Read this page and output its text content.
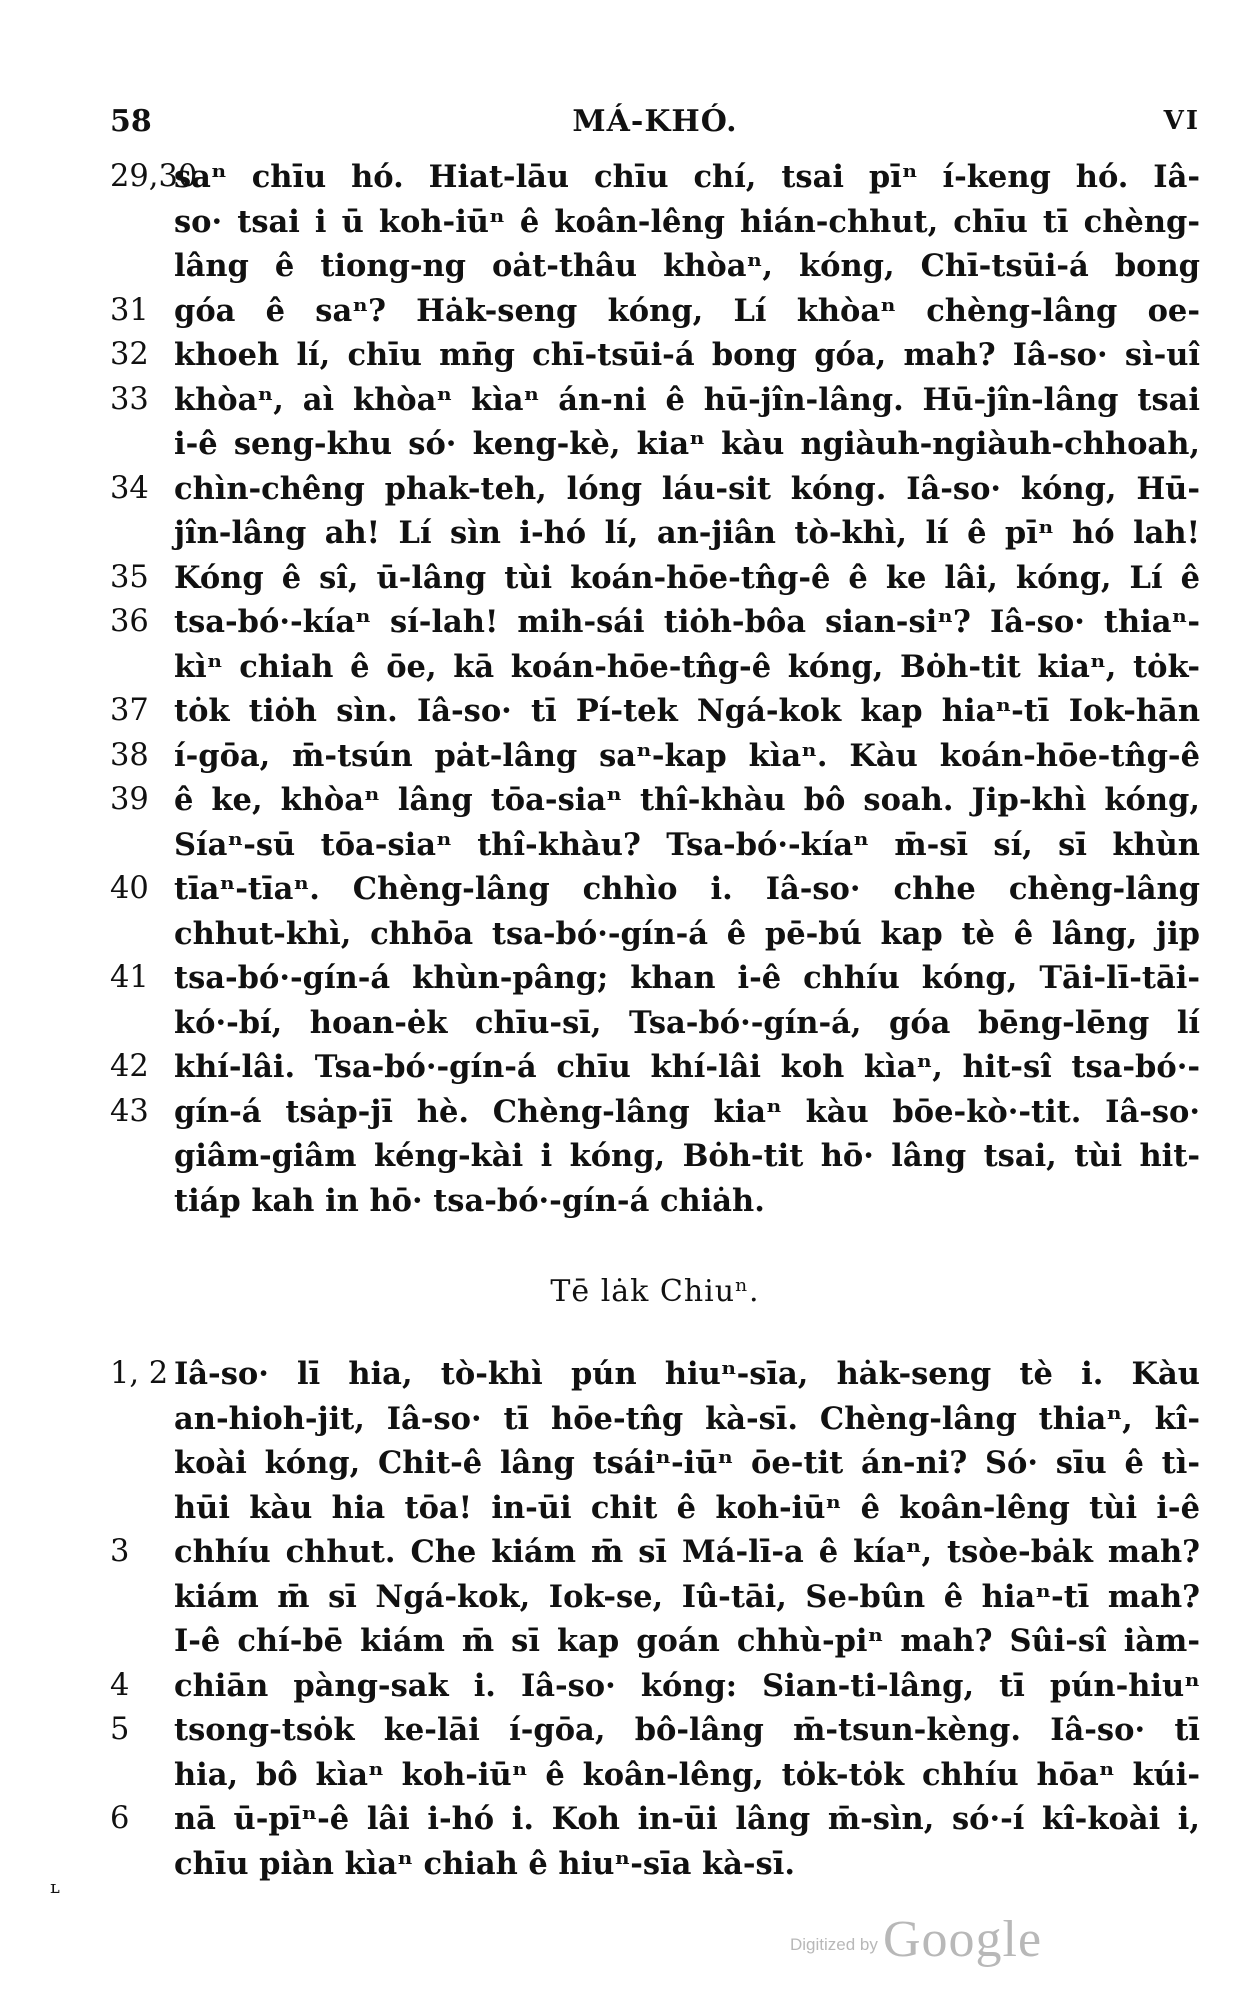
58	MÁ-KHÓ.	VI
29,30
saⁿ chīu hó. Hiat-lāu chīu chí, tsai pīⁿ í-keng hó. Iâ-
so· tsai i ū koh-iūⁿ ê koân-lêng hián-chhut, chīu tī chèng-
lâng ê tiong-ng oȧt-thâu khòaⁿ, kóng, Chī-tsūi-á bong
31 góa ê saⁿ? Hȧk-seng kóng, Lí khòaⁿ chèng-lâng oe-
32 khoeh lí, chīu mn̄g chī-tsūi-á bong góa, mah? Iâ-so· sì-uî
33 khòaⁿ, aì khòaⁿ kìaⁿ án-ni ê hū-jîn-lâng. Hū-jîn-lâng tsai
i-ê seng-khu só· keng-kè, kiaⁿ kàu ngiàuh-ngiàuh-chhoah,
34 chìn-chêng phak-teh, lóng láu-sit kóng. Iâ-so· kóng, Hū-
jîn-lâng ah! Lí sìn i-hó lí, an-jiân tò-khì, lí ê pīⁿ hó lah!
35 Kóng ê sî, ū-lâng tùi koán-hōe-tn̂g-ê ê ke lâi, kóng, Lí ê
36 tsa-bó·-kíaⁿ sí-lah! mih-sái tiȯh-bôa sian-siⁿ? Iâ-so· thiaⁿ-
kìⁿ chiah ê ōe, kā koán-hōe-tn̂g-ê kóng, Bȯh-tit kiaⁿ, tȯk-
37 tȯk tiȯh sìn. Iâ-so· tī Pí-tek Ngá-kok kap hiaⁿ-tī Iok-hān
38 í-gōa, m̄-tsún pȧt-lâng saⁿ-kap kìaⁿ. Kàu koán-hōe-tn̂g-ê
39 ê ke, khòaⁿ lâng tōa-siaⁿ thî-khàu bô soah. Jip-khì kóng,
Síaⁿ-sū tōa-siaⁿ thî-khàu? Tsa-bó·-kíaⁿ m̄-sī sí, sī khùn
40 tīaⁿ-tīaⁿ. Chèng-lâng chhìo i. Iâ-so· chhe chèng-lâng
chhut-khì, chhōa tsa-bó·-gín-á ê pē-bú kap tè ê lâng, jip
41 tsa-bó·-gín-á khùn-pâng; khan i-ê chhíu kóng, Tāi-lī-tāi-
kó·-bí, hoan-ėk chīu-sī, Tsa-bó·-gín-á, góa bēng-lēng lí
42 khí-lâi. Tsa-bó·-gín-á chīu khí-lâi koh kìaⁿ, hit-sî tsa-bó·-
43 gín-á tsȧp-jī hè. Chèng-lâng kiaⁿ kàu bōe-kò·-tit. Iâ-so·
giâm-giâm kéng-kài i kóng, Bȯh-tit hō· lâng tsai, tùi hit-
tiáp kah in hō· tsa-bó·-gín-á chiȧh.
Tē lȧk Chiuⁿ.
1, 2 Iâ-so· lī hia, tò-khì pún hiuⁿ-sīa, hȧk-seng tè i. Kàu
an-hioh-jit, Iâ-so· tī hōe-tn̂g kà-sī. Chèng-lâng thiaⁿ, kî-
koài kóng, Chit-ê lâng tsáiⁿ-iūⁿ ōe-tit án-ni? Só· sīu ê tì-
hūi kàu hia tōa! in-ūi chit ê koh-iūⁿ ê koân-lêng tùi i-ê
3	chhíu chhut. Che kiám m̄ sī Má-lī-a ê kíaⁿ, tsòe-bȧk mah?
kiám m̄ sī Ngá-kok, Iok-se, Iû-tāi, Se-bûn ê hiaⁿ-tī mah?
I-ê chí-bē kiám m̄ sī kap goán chhù-piⁿ mah? Sûi-sî iàm-
4	chiān pàng-sak i. Iâ-so· kóng: Sian-ti-lâng, tī pún-hiuⁿ
5	tsong-tsȯk ke-lāi í-gōa, bô-lâng m̄-tsun-kèng. Iâ-so· tī
hia, bô kìaⁿ koh-iūⁿ ê koân-lêng, tȯk-tȯk chhíu hōaⁿ kúi-
6	nā ū-pīⁿ-ê lâi i-hó i. Koh in-ūi lâng m̄-sìn, só·-í kî-koài i,
chīu piàn kìaⁿ chiah ê hiuⁿ-sīa kà-sī.
ʟ
Digitized by Google
